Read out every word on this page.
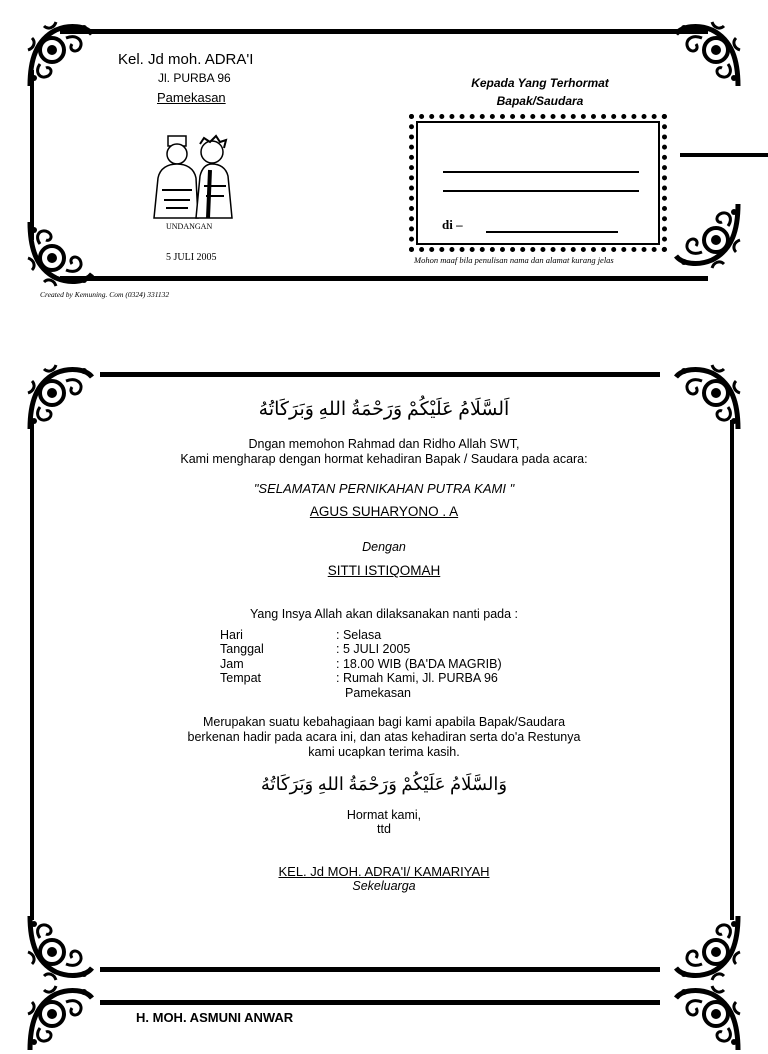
Kel. Jd moh. ADRA'I
Jl. PURBA 96
Pamekasan
UNDANGAN
5 JULI 2005
Kepada Yang Terhormat
Bapak/Saudara
di –
Mohon maaf bila penulisan nama dan alamat kurang jelas
Created by Kemuning. Com (0324) 331132
اَلسَّلَامُ عَلَيْكُمْ وَرَحْمَةُ اللهِ وَبَرَكَاتُهُ
Dngan memohon Rahmad dan Ridho Allah SWT,
Kami mengharap dengan hormat kehadiran Bapak / Saudara pada acara:
"SELAMATAN PERNIKAHAN PUTRA KAMI "
AGUS SUHARYONO . A
Dengan
SITTI ISTIQOMAH
Yang Insya Allah akan dilaksanakan nanti pada :
Hari	: Selasa
Tanggal	: 5 JULI 2005
Jam	: 18.00 WIB (BA'DA MAGRIB)
Tempat	: Rumah Kami, Jl. PURBA 96
Pamekasan
Merupakan suatu kebahagiaan bagi kami apabila Bapak/Saudara
berkenan hadir pada acara ini, dan atas kehadiran serta do'a Restunya
kami ucapkan terima kasih.
وَالسَّلَامُ عَلَيْكُمْ وَرَحْمَةُ اللهِ وَبَرَكَاتُهُ
Hormat kami,
ttd
KEL. Jd MOH. ADRA'I/ KAMARIYAH
Sekeluarga
H. MOH. ASMUNI ANWAR
